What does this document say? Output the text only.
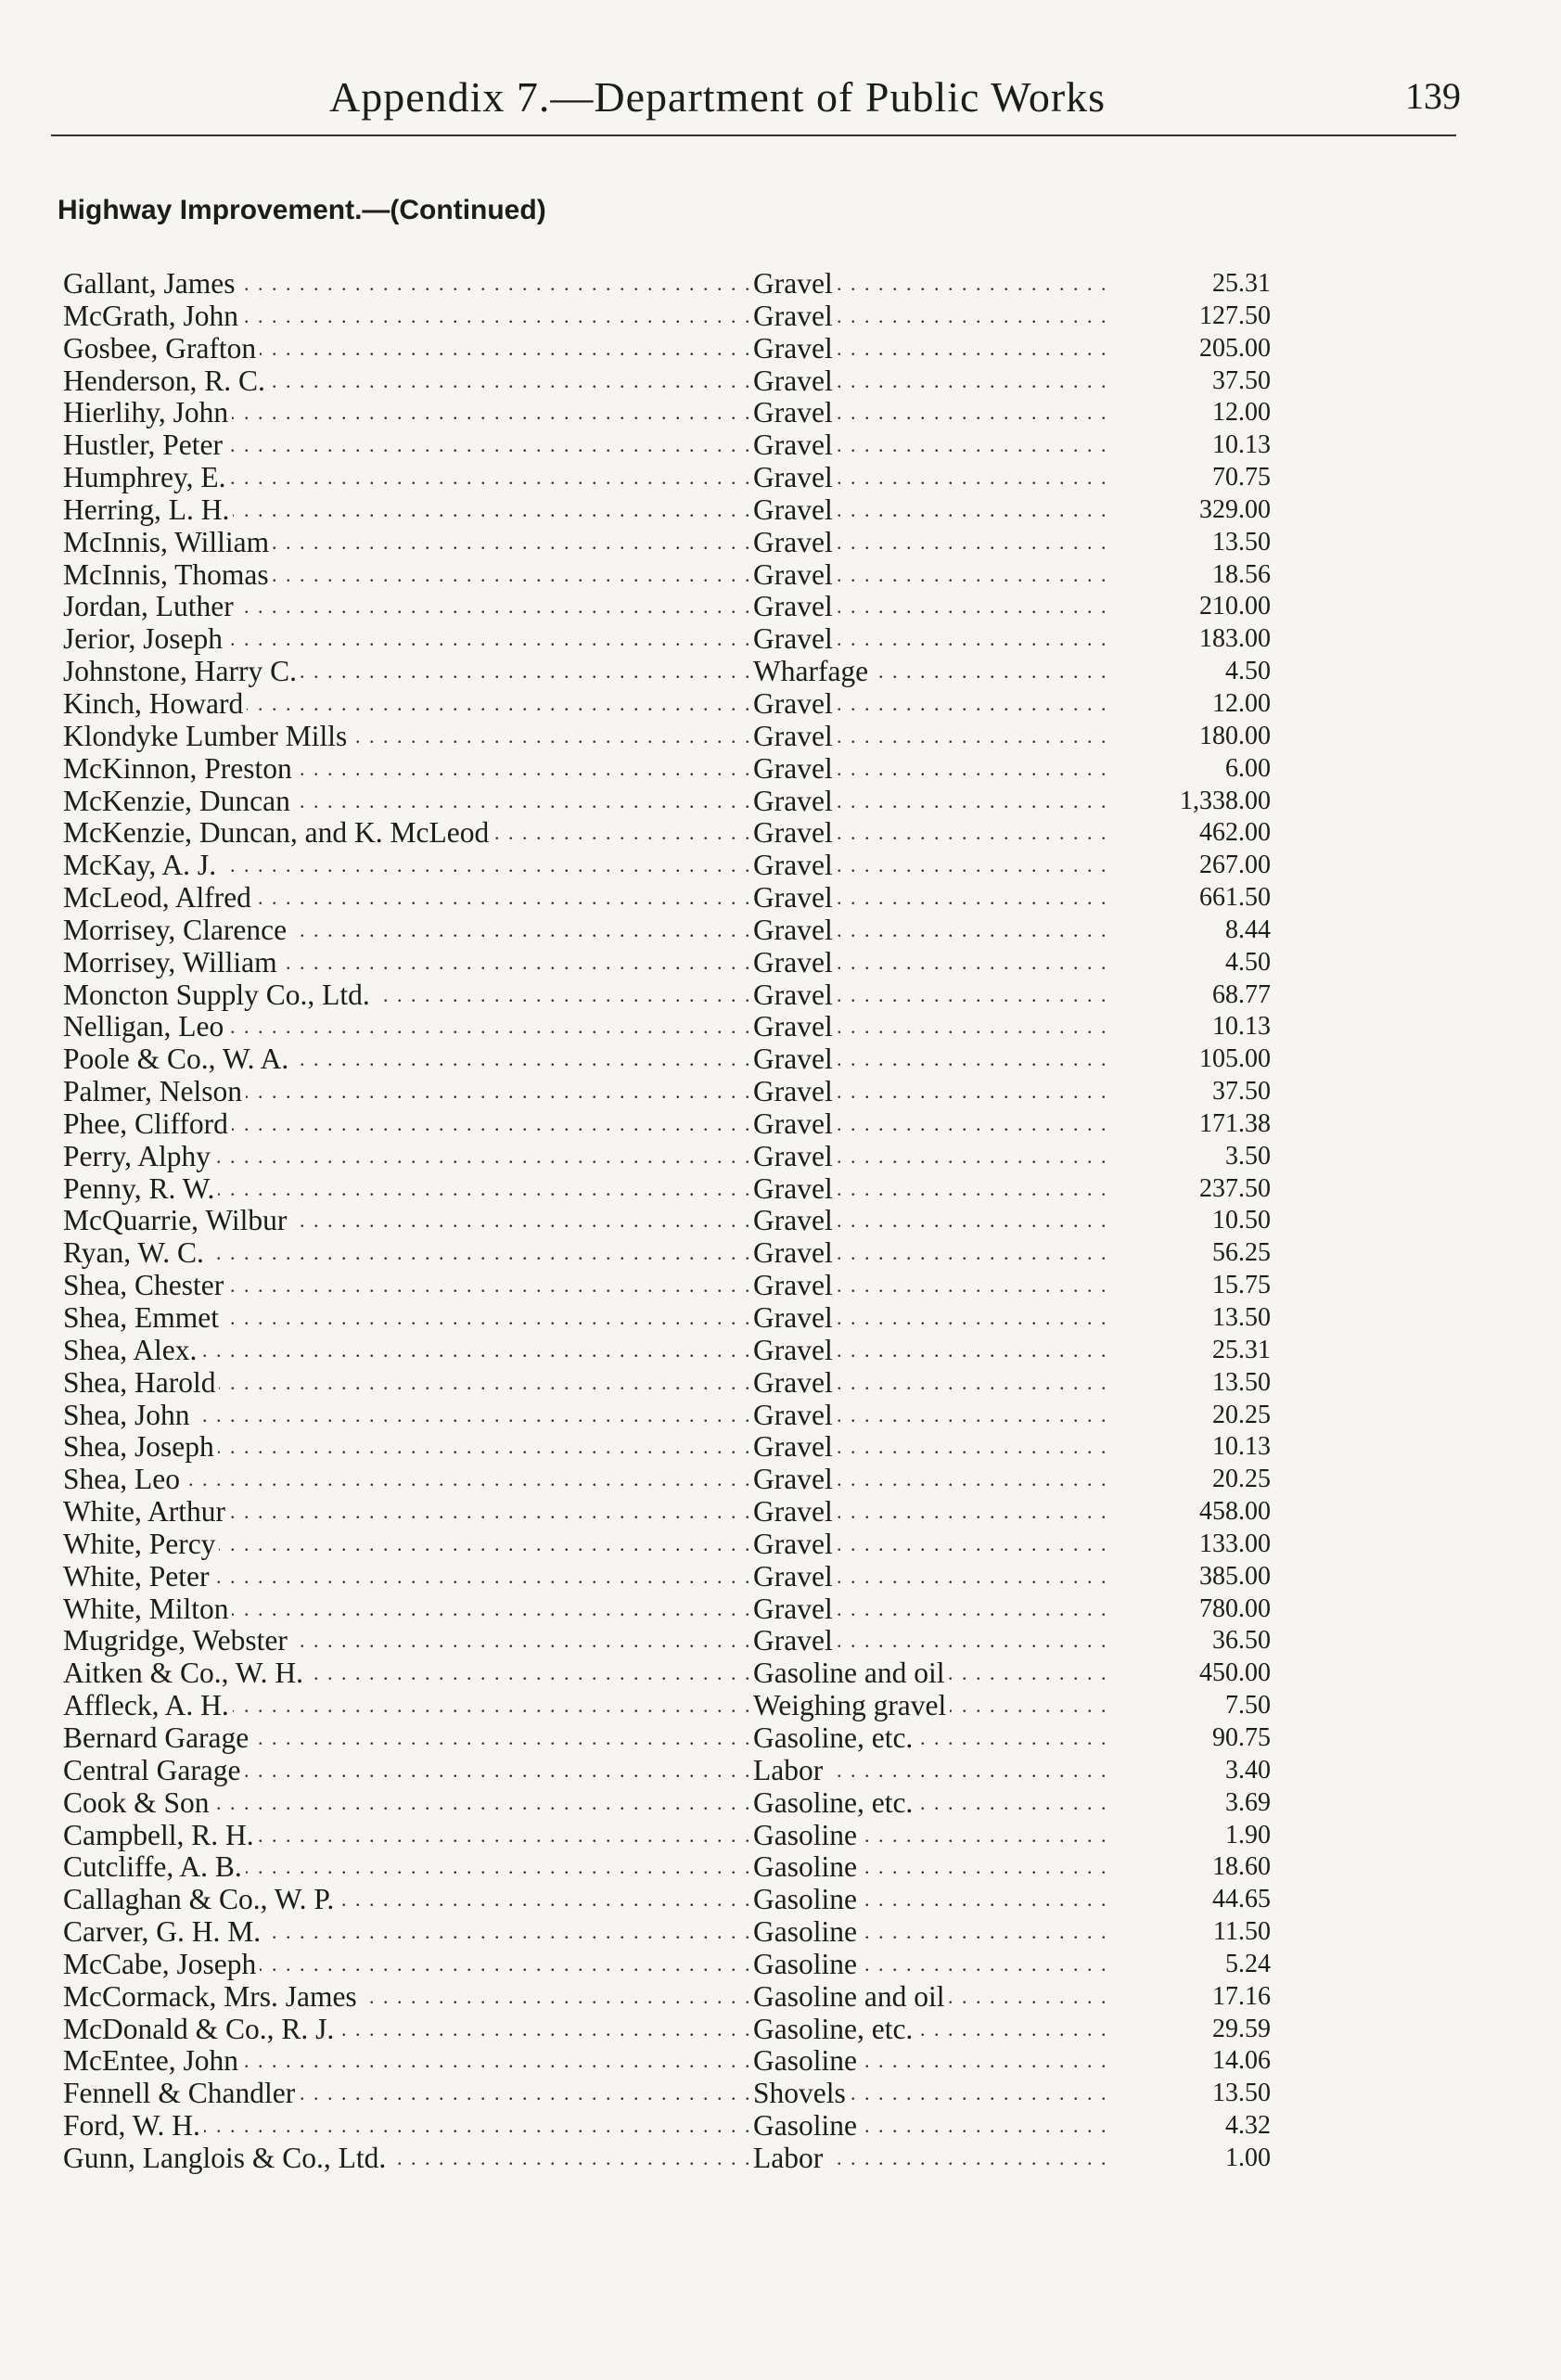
Appendix 7.—Department of Public Works	139
Highway Improvement.—(Continued)
Gallant, James . . .	Gravel . . .	25.31
McGrath, John . . .	Gravel . . .	127.50
Gosbee, Grafton . . .	Gravel . . .	205.00
Henderson, R. C. . . .	Gravel . . .	37.50
Hierlihy, John . . .	Gravel . . .	12.00
Hustler, Peter . . .	Gravel . . .	10.13
Humphrey, E. . . .	Gravel . . .	70.75
Herring, L. H. . . .	Gravel . . .	329.00
McInnis, William . . .	Gravel . . .	13.50
McInnis, Thomas . . .	Gravel . . .	18.56
Jordan, Luther . . .	Gravel . . .	210.00
Jerior, Joseph . . .	Gravel . . .	183.00
Johnstone, Harry C. . . .	Wharfage . . .	4.50
Kinch, Howard . . .	Gravel . . .	12.00
Klondyke Lumber Mills . . .	Gravel . . .	180.00
McKinnon, Preston . . .	Gravel . . .	6.00
McKenzie, Duncan . . .	Gravel . . .	1,338.00
McKenzie, Duncan, and K. McLeod . . .	Gravel . . .	462.00
McKay, A. J. . . .	Gravel . . .	267.00
McLeod, Alfred . . .	Gravel . . .	661.50
Morrisey, Clarence . . .	Gravel . . .	8.44
Morrisey, William . . .	Gravel . . .	4.50
Moncton Supply Co., Ltd. . . .	Gravel . . .	68.77
Nelligan, Leo . . .	Gravel . . .	10.13
Poole & Co., W. A. . . .	Gravel . . .	105.00
Palmer, Nelson . . .	Gravel . . .	37.50
Phee, Clifford . . .	Gravel . . .	171.38
Perry, Alphy . . .	Gravel . . .	3.50
Penny, R. W. . . .	Gravel . . .	237.50
McQuarrie, Wilbur . . .	Gravel . . .	10.50
Ryan, W. C. . . .	Gravel . . .	56.25
Shea, Chester . . .	Gravel . . .	15.75
Shea, Emmet . . .	Gravel . . .	13.50
Shea, Alex. . . .	Gravel . . .	25.31
Shea, Harold . . .	Gravel . . .	13.50
Shea, John . . .	Gravel . . .	20.25
Shea, Joseph . . .	Gravel . . .	10.13
Shea, Leo . . .	Gravel . . .	20.25
White, Arthur . . .	Gravel . . .	458.00
White, Percy . . .	Gravel . . .	133.00
White, Peter . . .	Gravel . . .	385.00
White, Milton . . .	Gravel . . .	780.00
Mugridge, Webster . . .	Gravel . . .	36.50
Aitken & Co., W. H. . . .	Gasoline and oil . . .	450.00
Affleck, A. H. . . .	Weighing gravel . . .	7.50
Bernard Garage . . .	Gasoline, etc. . . .	90.75
Central Garage . . .	Labor . . .	3.40
Cook & Son . . .	Gasoline, etc. . . .	3.69
Campbell, R. H. . . .	Gasoline . . .	1.90
Cutcliffe, A. B. . . .	Gasoline . . .	18.60
Callaghan & Co., W. P. . . .	Gasoline . . .	44.65
Carver, G. H. M. . . .	Gasoline . . .	11.50
McCabe, Joseph . . .	Gasoline . . .	5.24
McCormack, Mrs. James . . .	Gasoline and oil . . .	17.16
McDonald & Co., R. J. . . .	Gasoline, etc. . . .	29.59
McEntee, John . . .	Gasoline . . .	14.06
Fennell & Chandler . . .	Shovels . . .	13.50
Ford, W. H. . . .	Gasoline . . .	4.32
Gunn, Langlois & Co., Ltd. . . .	Labor . . .	1.00
